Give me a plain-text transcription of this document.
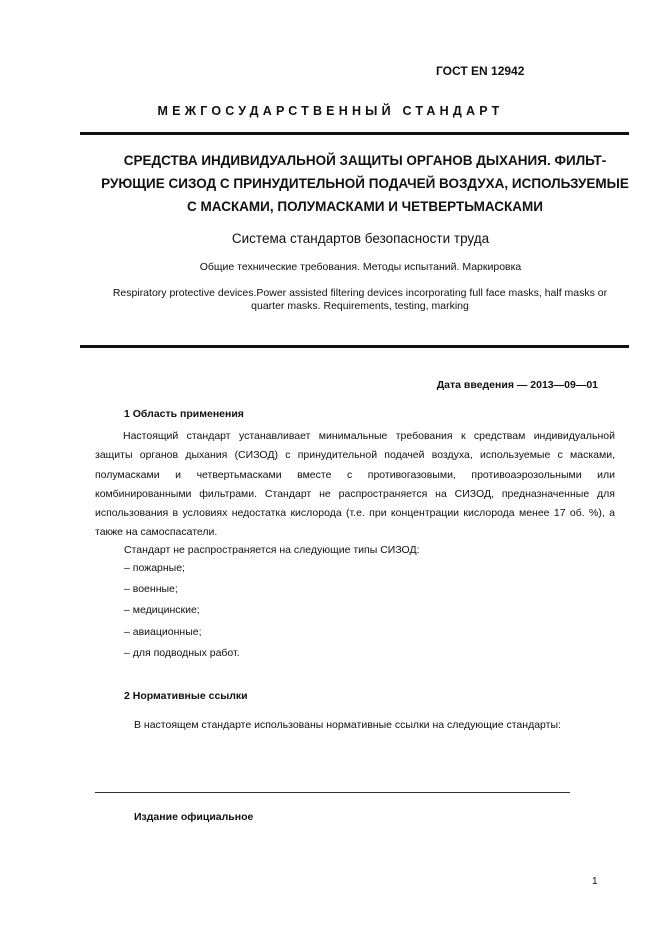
ГОСТ EN 12942
МЕЖГОСУДАРСТВЕННЫЙ СТАНДАРТ
СРЕДСТВА ИНДИВИДУАЛЬНОЙ ЗАЩИТЫ ОРГАНОВ ДЫХАНИЯ. ФИЛЬТ-
РУЮЩИЕ СИЗОД С ПРИНУДИТЕЛЬНОЙ ПОДАЧЕЙ ВОЗДУХА, ИСПОЛЬЗУЕМЫЕ
С МАСКАМИ, ПОЛУМАСКАМИ И ЧЕТВЕРТЬМАСКАМИ
Система стандартов безопасности труда
Общие технические требования. Методы испытаний. Маркировка
Respiratory protective devices.Power assisted filtering devices incorporating full face masks, half masks or quarter masks. Requirements, testing, marking
Дата введения — 2013—09—01
1 Область применения
Настоящий стандарт устанавливает минимальные требования к средствам индивидуальной защиты органов дыхания (СИЗОД) с принудительной подачей воздуха, используемые с масками, полумасками и четвертьмасками вместе с противогазовыми, противоаэрозольными или комбинированными фильтрами. Стандарт не распространяется на СИЗОД, предназначенные для использования в условиях недостатка кислорода (т.е. при концентрации кислорода менее 17 об. %), а также на самоспасатели.
Стандарт не распространяется на следующие типы СИЗОД:
– пожарные;
– военные;
– медицинские;
– авиационные;
– для подводных работ.
2 Нормативные ссылки
В настоящем стандарте использованы нормативные ссылки на следующие стандарты:
Издание официальное
1
